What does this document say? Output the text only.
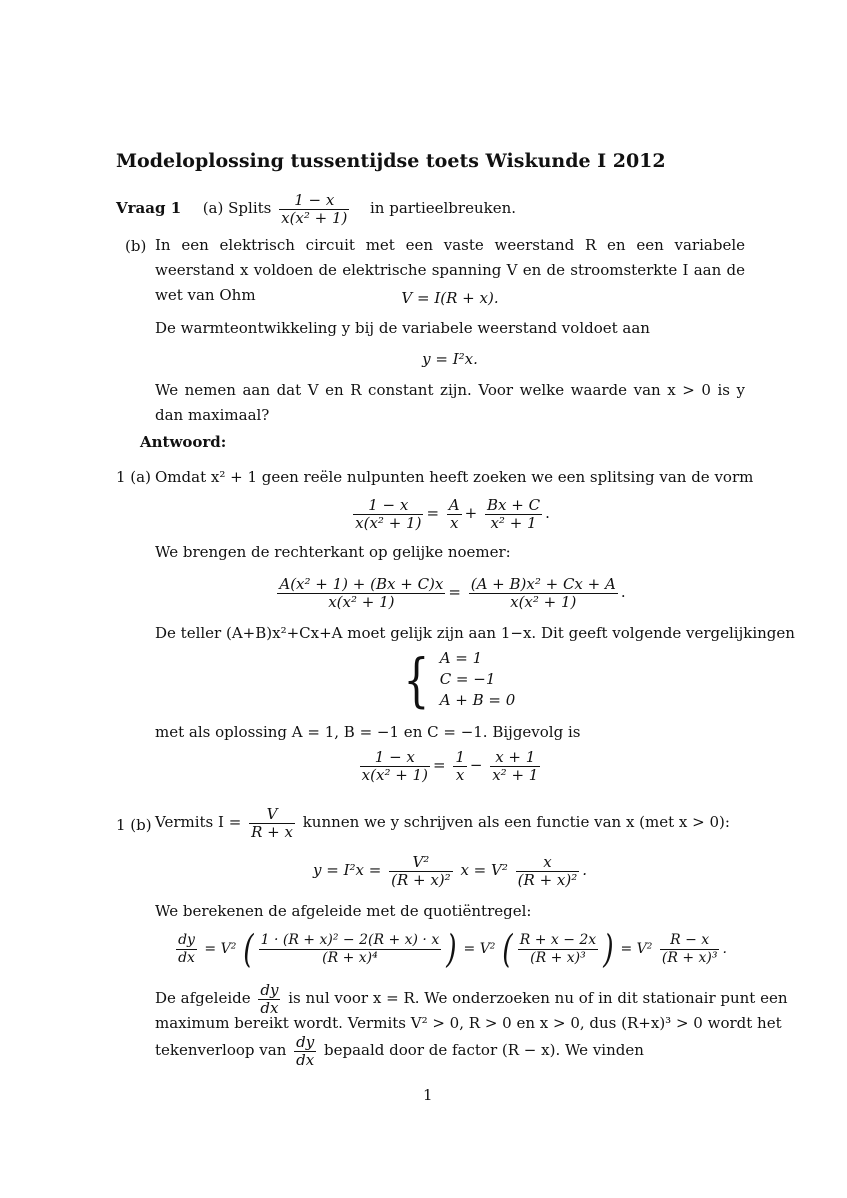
Modeloplossing tussentijdse toets Wiskunde I 2012
Vraag 1 (a) Splits $\frac{1 - x}{\text{x(x² + 1)}}$ in partieelbreuken.
(b) In een elektrisch circuit met een vaste weerstand R en een variabele weerstand x voldoen de elektrische spanning V en de stroomsterkte I aan de wet van Ohm	V = I(R + x).
De warmteontwikkeling y bij de variabele weerstand voldoet aan
y = I²x.
We nemen aan dat V en R constant zijn. Voor welke waarde van x > 0 is y dan maximaal?
Antwoord:
1 (a) Omdat x² + 1 geen reële nulpunten heeft zoeken we een splitsing van de vorm
$\frac{1 - x}{\text{x(x² + 1)}} = \frac{A}{x} + \frac{Bx + C}{\text{x² + 1}}$ .
We brengen de rechterkant op gelijke noemer:
$\frac{\text{A(x² + 1) + (Bx + C)x}}{\text{x(x² + 1)}} = \frac{\text{(A + B)x² + Cx + A}}{\text{x(x² + 1)}}$ .
De teller (A+B)x²+Cx+A moet gelijk zijn aan 1−x. Dit geeft volgende vergelijkingen
{ A = 1
C = −1
A + B = 0
met als oplossing A = 1, B = −1 en C = −1. Bijgevolg is
$\frac{1 - x}{\text{x(x² + 1)}} = \frac{1}{x} - \frac{x + 1}{\text{x² + 1}}$
1 (b) Vermits $I = \frac{V}{R + x}$ kunnen we y schrijven als een functie van x (met x > 0):
$y = I^2x = \frac{\text{V²}}{\text{(R + x)²}}$ $x = V^2 \frac{x}{\text{(R + x)²}}$ .
We berekenen de afgeleide met de quotiëntregel:
$\frac{dy}{dx} = V^2$ ( $\frac{\text{1 · (R + x)² − 2(R + x) · x}}{\text{(R + x)⁴}}$ ) = V² ( $\frac{R + x - 2x}{\text{(R + x)³}}$ ) = $V^2 \frac{R - x}{\text{(R + x)³}}$ .
De afgeleide $\frac{dy}{dx}$ is nul voor x = R. We onderzoeken nu of in dit stationair punt een
maximum bereikt wordt. Vermits V² > 0, R > 0 en x > 0, dus (R+x)³ > 0 wordt het
tekenverloop van $\frac{dy}{dx}$ bepaald door de factor (R − x). We vinden
1
